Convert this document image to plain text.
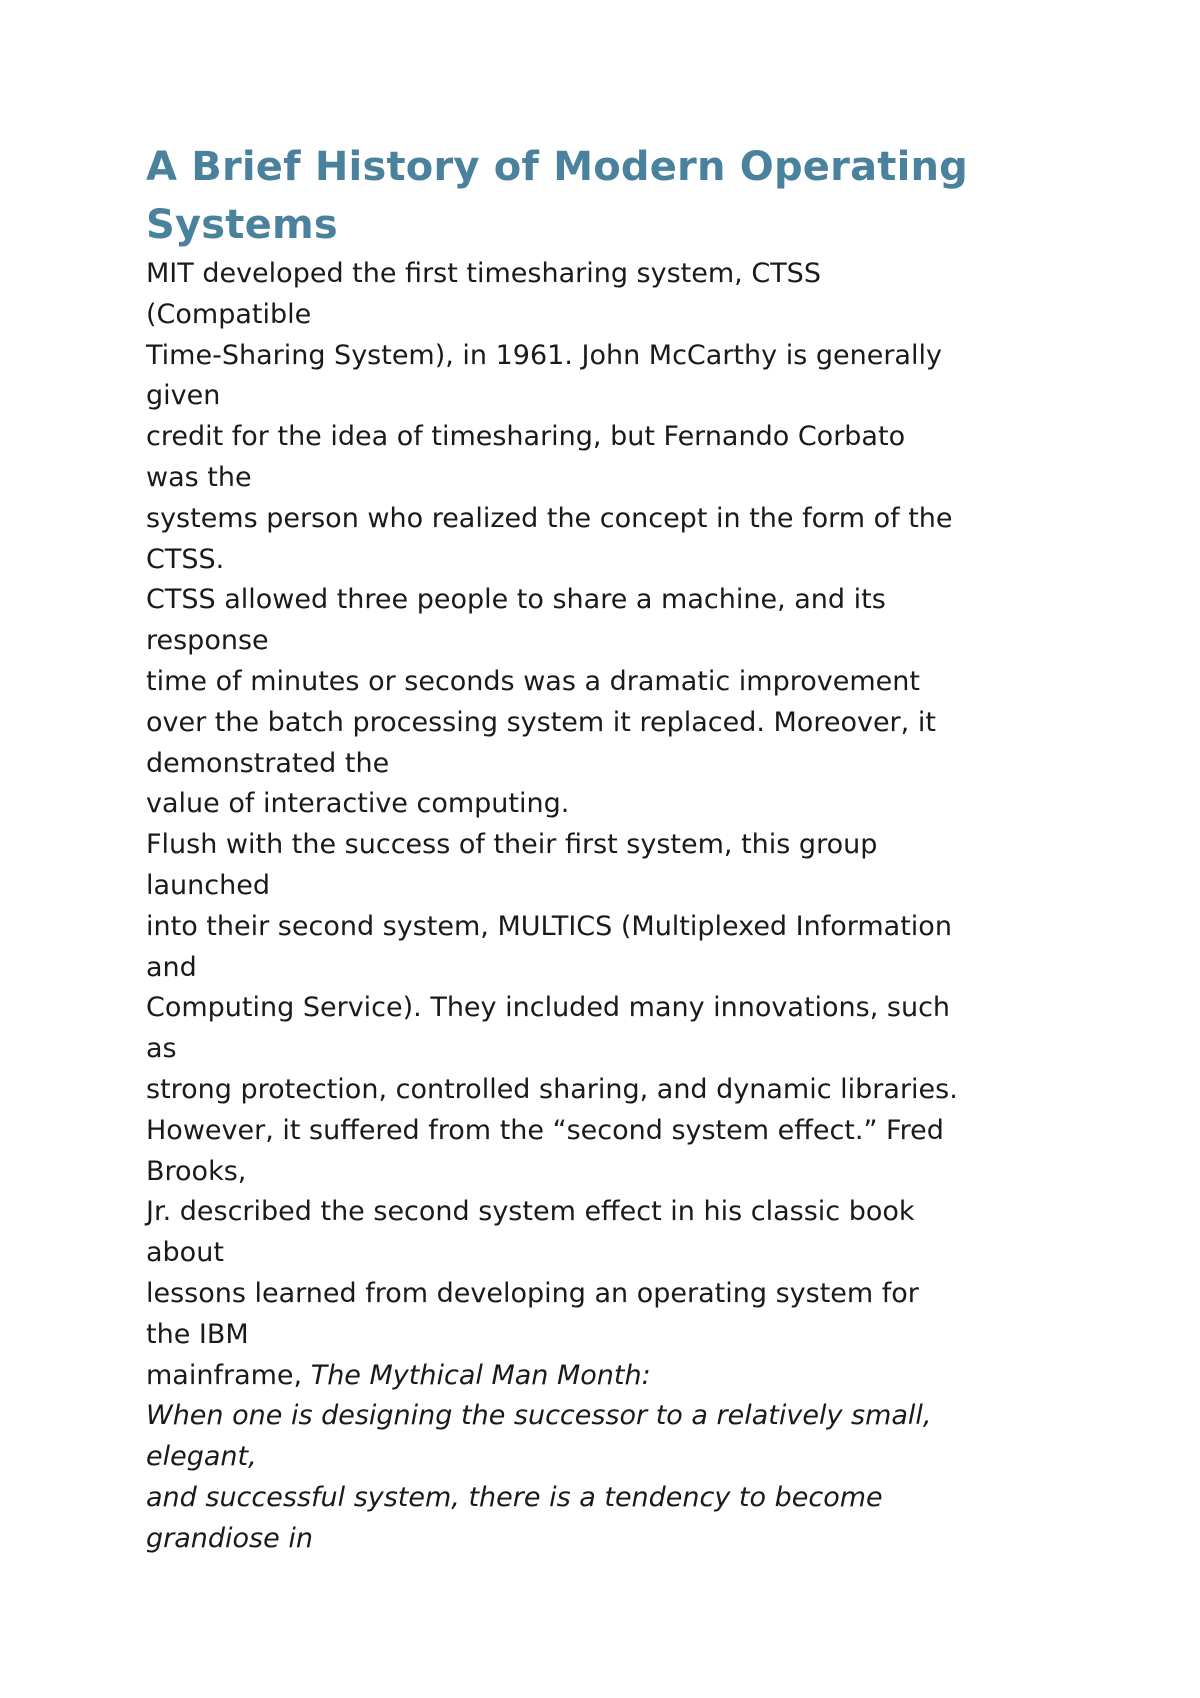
A Brief History of Modern Operating
Systems
MIT developed the first timesharing system, CTSS
(Compatible
Time-Sharing System), in 1961. John McCarthy is generally
given
credit for the idea of timesharing, but Fernando Corbato
was the
systems person who realized the concept in the form of the
CTSS.
CTSS allowed three people to share a machine, and its
response
time of minutes or seconds was a dramatic improvement
over the batch processing system it replaced. Moreover, it
demonstrated the
value of interactive computing.
Flush with the success of their first system, this group
launched
into their second system, MULTICS (Multiplexed Information
and
Computing Service). They included many innovations, such
as
strong protection, controlled sharing, and dynamic libraries.
However, it suffered from the “second system effect.” Fred
Brooks,
Jr. described the second system effect in his classic book
about
lessons learned from developing an operating system for
the IBM
mainframe, The Mythical Man Month:
When one is designing the successor to a relatively small,
elegant,
and successful system, there is a tendency to become
grandiose in
